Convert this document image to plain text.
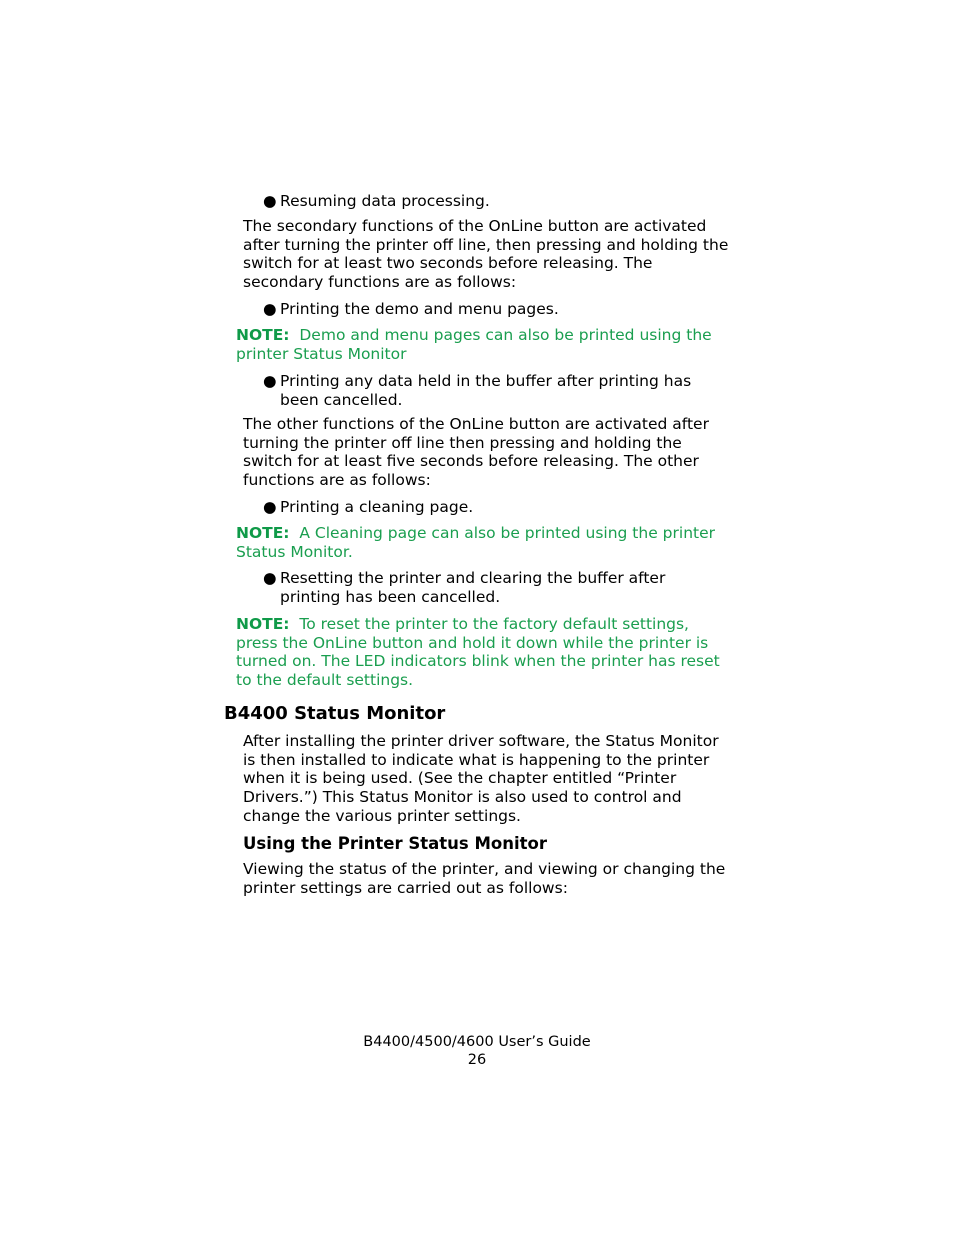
● Resuming data processing.

The secondary functions of the OnLine button are activated after turning the printer off line, then pressing and holding the switch for at least two seconds before releasing. The secondary functions are as follows:

● Printing the demo and menu pages.

NOTE: Demo and menu pages can also be printed using the printer Status Monitor

● Printing any data held in the buffer after printing has been cancelled.

The other functions of the OnLine button are activated after turning the printer off line then pressing and holding the switch for at least five seconds before releasing. The other functions are as follows:

● Printing a cleaning page.

NOTE: A Cleaning page can also be printed using the printer Status Monitor.

● Resetting the printer and clearing the buffer after printing has been cancelled.

NOTE: To reset the printer to the factory default settings, press the OnLine button and hold it down while the printer is turned on. The LED indicators blink when the printer has reset to the default settings.

B4400 Status Monitor

After installing the printer driver software, the Status Monitor is then installed to indicate what is happening to the printer when it is being used. (See the chapter entitled “Printer Drivers.”) This Status Monitor is also used to control and change the various printer settings.

Using the Printer Status Monitor

Viewing the status of the printer, and viewing or changing the printer settings are carried out as follows:

B4400/4500/4600 User’s Guide
26
